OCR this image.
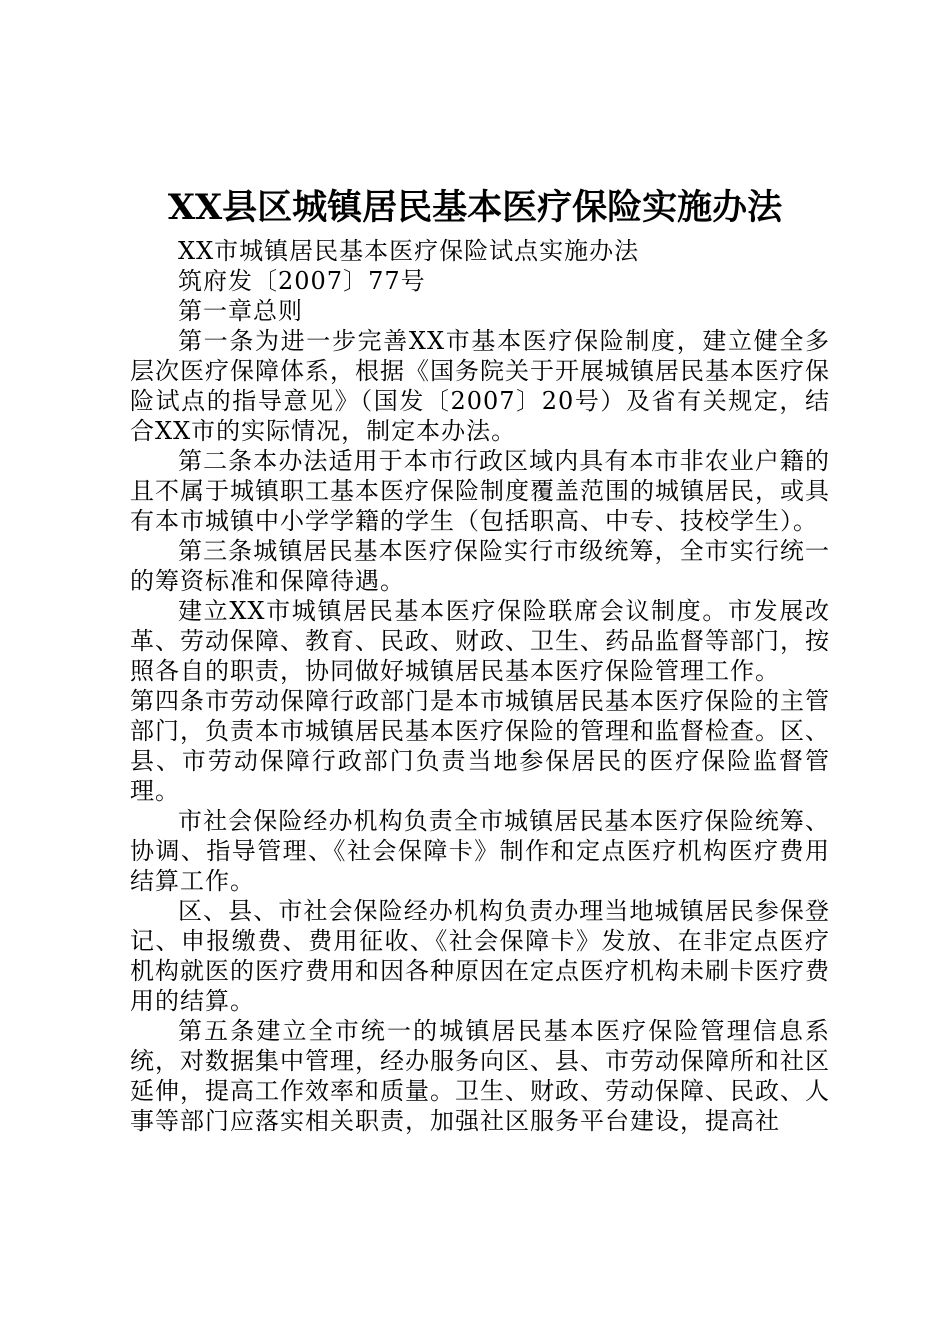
XX县区城镇居民基本医疗保险实施办法

XX市城镇居民基本医疗保险试点实施办法

筑府发〔2007〕77号

第一章总则

第一条为进一步完善XX市基本医疗保险制度，建立健全多层次医疗保障体系，根据《国务院关于开展城镇居民基本医疗保险试点的指导意见》（国发〔2007〕20号）及省有关规定，结合XX市的实际情况，制定本办法。

第二条本办法适用于本市行政区域内具有本市非农业户籍的且不属于城镇职工基本医疗保险制度覆盖范围的城镇居民，或具有本市城镇中小学学籍的学生（包括职高、中专、技校学生）。

第三条城镇居民基本医疗保险实行市级统筹，全市实行统一的筹资标准和保障待遇。

建立XX市城镇居民基本医疗保险联席会议制度。市发展改革、劳动保障、教育、民政、财政、卫生、药品监督等部门，按照各自的职责，协同做好城镇居民基本医疗保险管理工作。

第四条市劳动保障行政部门是本市城镇居民基本医疗保险的主管部门，负责本市城镇居民基本医疗保险的管理和监督检查。区、县、市劳动保障行政部门负责当地参保居民的医疗保险监督管理。

市社会保险经办机构负责全市城镇居民基本医疗保险统筹、协调、指导管理、《社会保障卡》制作和定点医疗机构医疗费用结算工作。

区、县、市社会保险经办机构负责办理当地城镇居民参保登记、申报缴费、费用征收、《社会保障卡》发放、在非定点医疗机构就医的医疗费用和因各种原因在定点医疗机构未刷卡医疗费用的结算。

第五条建立全市统一的城镇居民基本医疗保险管理信息系统，对数据集中管理，经办服务向区、县、市劳动保障所和社区延伸，提高工作效率和质量。卫生、财政、劳动保障、民政、人事等部门应落实相关职责，加强社区服务平台建设，提高社
